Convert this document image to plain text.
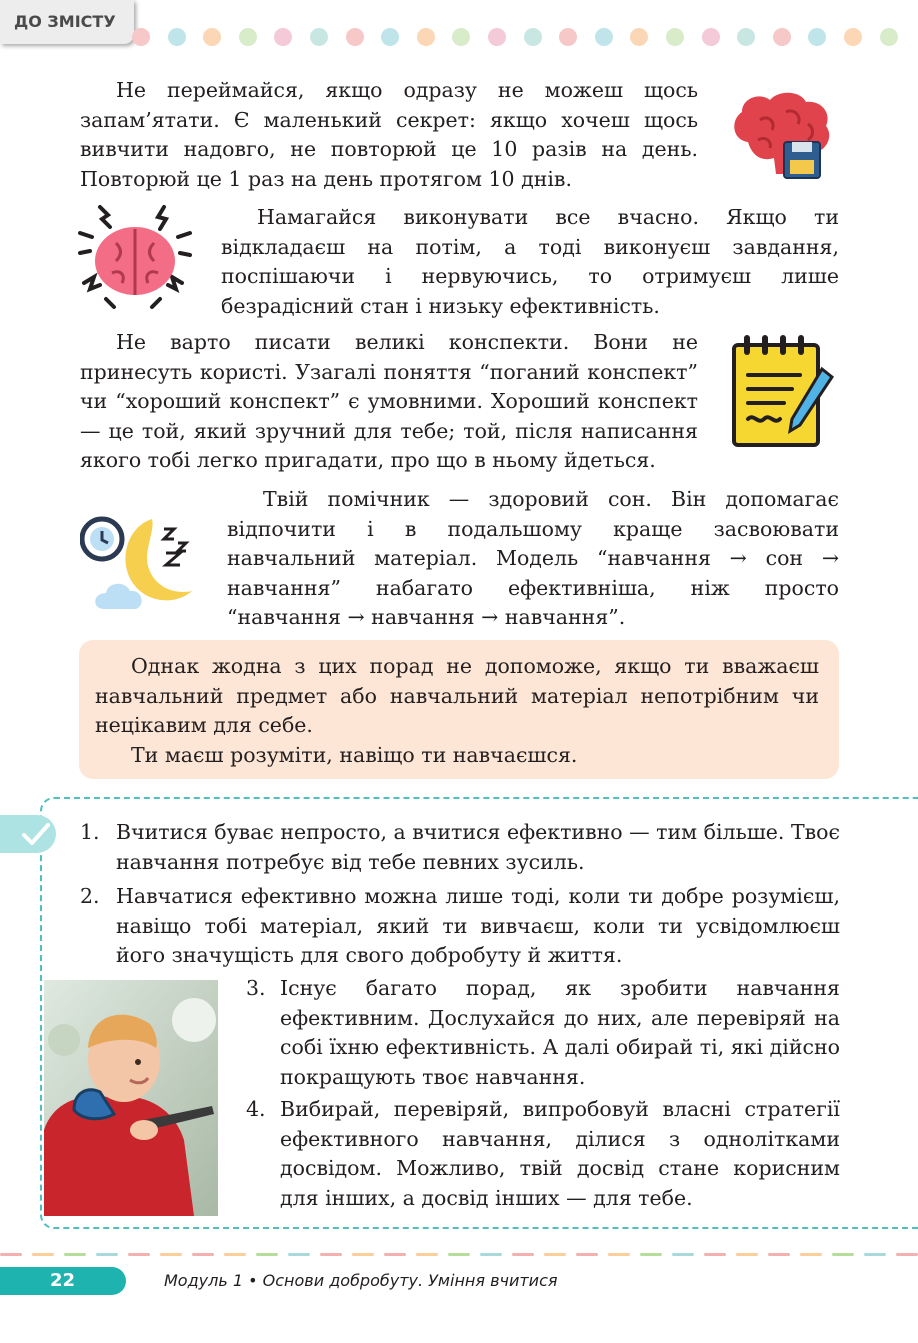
ДО ЗМІСТУ

Не переймайся, якщо одразу не можеш щось запам’ятати. Є маленький секрет: якщо хочеш щось вивчити надовго, не повторюй це 10 разів на день. Повторюй це 1 раз на день протягом 10 днів.

Намагайся виконувати все вчасно. Якщо ти відкладаєш на потім, а тоді виконуєш завдання, поспішаючи і нервуючись, то отримуєш лише безрадісний стан і низьку ефективність.

Не варто писати великі конспекти. Вони не принесуть користі. Узагалі поняття “поганий конспект” чи “хороший конспект” є умовними. Хороший конспект — це той, який зручний для тебе; той, після написання якого тобі легко пригадати, про що в ньому йдеться.

Твій помічник — здоровий сон. Він допомагає відпочити і в подальшому краще засвоювати навчальний матеріал. Модель “навчання → сон → навчання” набагато ефективніша, ніж просто “навчання → навчання → навчання”.

Однак жодна з цих порад не допоможе, якщо ти вважаєш навчальний предмет або навчальний матеріал непотрібним чи нецікавим для себе.

Ти маєш розуміти, навіщо ти навчаєшся.

1. Вчитися буває непросто, а вчитися ефективно — тим більше. Твоє навчання потребує від тебе певних зусиль.
2. Навчатися ефективно можна лише тоді, коли ти добре розумієш, навіщо тобі матеріал, який ти вивчаєш, коли ти усвідомлюєш його значущість для свого добробуту й життя.
3. Існує багато порад, як зробити навчання ефективним. Дослухайся до них, але перевіряй на собі їхню ефективність. А далі обирай ті, які дійсно покращують твоє навчання.
4. Вибирай, перевіряй, випробовуй власні стратегії ефективного навчання, ділися з однолітками досвідом. Можливо, твій досвід стане корисним для інших, а досвід інших — для тебе.
22	Модуль 1 • Основи добробуту. Уміння вчитися
